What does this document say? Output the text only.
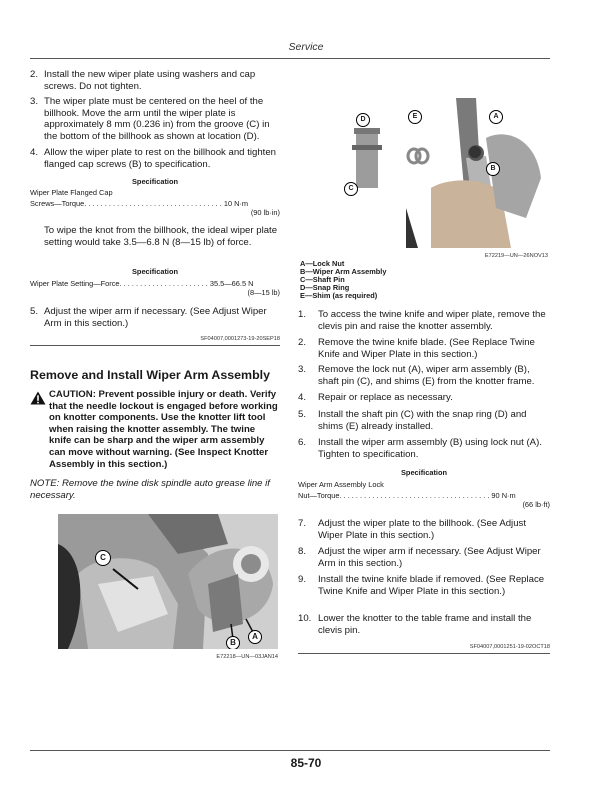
Service
2. Install the new wiper plate using washers and cap screws. Do not tighten.
3. The wiper plate must be centered on the heel of the billhook. Move the arm until the wiper plate is approximately 8 mm (0.236 in) from the groove (C) in the bottom of the billhook as shown at location (D).
4. Allow the wiper plate to rest on the billhook and tighten flanged cap screws (B) to specification.
Specification
Wiper Plate Flanged Cap
Screws—Torque. . . . . . . . . . . . . . . . . . . . . . . . . . . . . . . . . . 10 N·m
(90 lb·in)
To wipe the knot from the billhook, the ideal wiper plate setting would take 3.5—6.8 N (8—15 lb) of force.
Specification
Wiper Plate Setting—Force. . . . . . . . . . . . . . . . . . . . . . 35.5—66.5 N
(8—15 lb)
5. Adjust the wiper arm if necessary. (See Adjust Wiper Arm in this section.)
SF04007,0001273-19-20SEP18
Remove and Install Wiper Arm Assembly
CAUTION: Prevent possible injury or death. Verify that the needle lockout is engaged before working on knotter components. Use the knotter lift tool when raising the knotter assembly. The twine knife can be sharp and the wiper arm assembly can move without warning. (See Inspect Knotter Assembly in this section.)
NOTE: Remove the twine disk spindle auto grease line if necessary.
C
B
A
E72218—UN—03JAN14
D	E	A
B
C
E72219—UN—26NOV13
A—Lock Nut
B—Wiper Arm Assembly
C—Shaft Pin
D—Snap Ring
E—Shim (as required)
1.	To access the twine knife and wiper plate, remove the clevis pin and raise the knotter assembly.
2.	Remove the twine knife blade. (See Replace Twine Knife and Wiper Plate in this section.)
3.	Remove the lock nut (A), wiper arm assembly (B), shaft pin (C), and shims (E) from the knotter frame.
4.	Repair or replace as necessary.
5.	Install the shaft pin (C) with the snap ring (D) and shims (E) already installed.
6.	Install the wiper arm assembly (B) using lock nut (A). Tighten to specification.
Specification
Wiper Arm Assembly Lock
Nut—Torque. . . . . . . . . . . . . . . . . . . . . . . . . . . . . . . . . . . . . 90 N·m
(66 lb·ft)
7.	Adjust the wiper plate to the billhook. (See Adjust Wiper Plate in this section.)
8.	Adjust the wiper arm if necessary. (See Adjust Wiper Arm in this section.)
9.	Install the twine knife blade if removed. (See Replace Twine Knife and Wiper Plate in this section.)
10. Lower the knotter to the table frame and install the clevis pin.
SF04007,0001251-19-02OCT18
85-70
